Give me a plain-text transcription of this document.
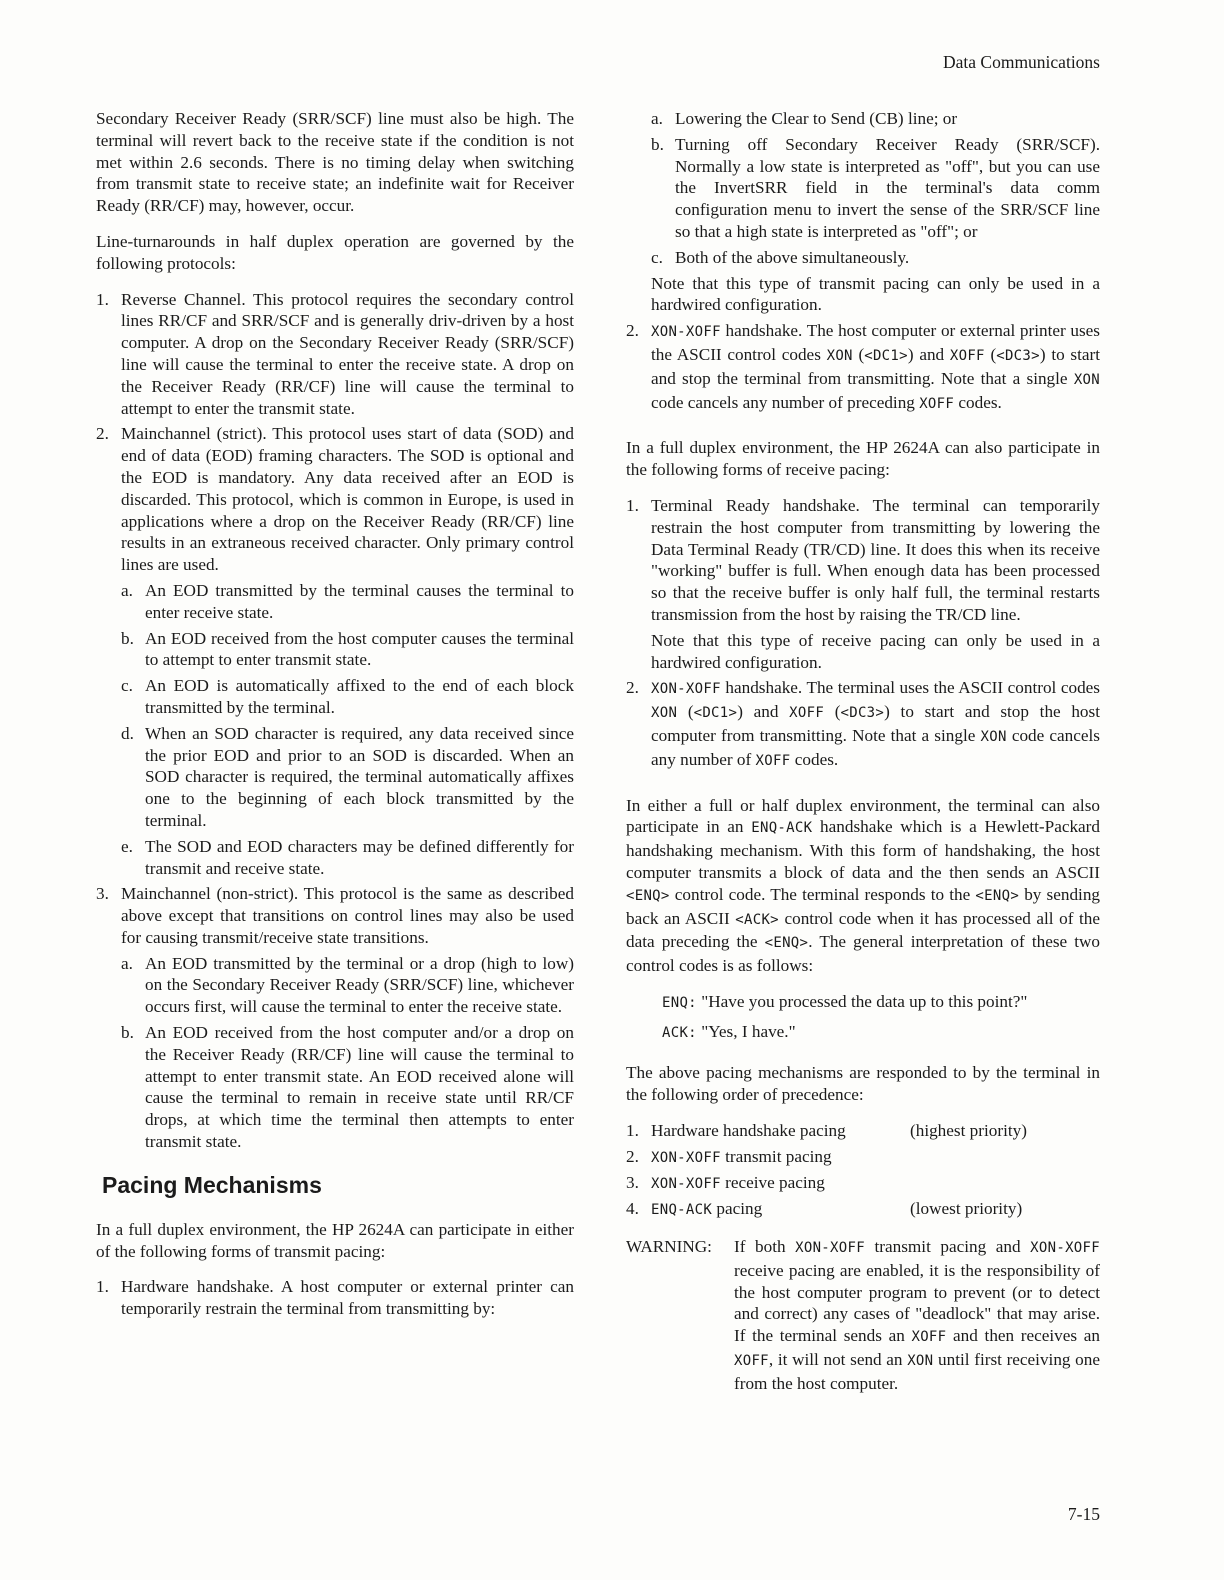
Data Communications

Secondary Receiver Ready (SRR/SCF) line must also be high. The terminal will revert back to the receive state if the condition is not met within 2.6 seconds. There is no timing delay when switching from transmit state to receive state; an indefinite wait for Receiver Ready (RR/CF) may, however, occur.

Line-turnarounds in half duplex operation are governed by the following protocols:

1. Reverse Channel. This protocol requires the secondary control lines RR/CF and SRR/SCF and is generally driv-driven by a host computer. A drop on the Secondary Receiver Ready (SRR/SCF) line will cause the terminal to enter the receive state. A drop on the Receiver Ready (RR/CF) line will cause the terminal to attempt to enter the transmit state.
2. Mainchannel (strict). This protocol uses start of data (SOD) and end of data (EOD) framing characters. The SOD is optional and the EOD is mandatory. Any data received after an EOD is discarded. This protocol, which is common in Europe, is used in applications where a drop on the Receiver Ready (RR/CF) line results in an extraneous received character. Only primary control lines are used.
a. An EOD transmitted by the terminal causes the terminal to enter receive state.
b. An EOD received from the host computer causes the terminal to attempt to enter transmit state.
c. An EOD is automatically affixed to the end of each block transmitted by the terminal.
d. When an SOD character is required, any data received since the prior EOD and prior to an SOD is discarded. When an SOD character is required, the terminal automatically affixes one to the beginning of each block transmitted by the terminal.
e. The SOD and EOD characters may be defined differently for transmit and receive state.
3. Mainchannel (non-strict). This protocol is the same as described above except that transitions on control lines may also be used for causing transmit/receive state transitions.
a. An EOD transmitted by the terminal or a drop (high to low) on the Secondary Receiver Ready (SRR/SCF) line, whichever occurs first, will cause the terminal to enter the receive state.
b. An EOD received from the host computer and/or a drop on the Receiver Ready (RR/CF) line will cause the terminal to attempt to enter transmit state. An EOD received alone will cause the terminal to remain in receive state until RR/CF drops, at which time the terminal then attempts to enter transmit state.
Pacing Mechanisms

In a full duplex environment, the HP 2624A can participate in either of the following forms of transmit pacing:

1. Hardware handshake. A host computer or external printer can temporarily restrain the terminal from transmitting by:
a. Lowering the Clear to Send (CB) line; or
b. Turning off Secondary Receiver Ready (SRR/SCF). Normally a low state is interpreted as "off", but you can use the InvertSRR field in the terminal's data comm configuration menu to invert the sense of the SRR/SCF line so that a high state is interpreted as "off"; or
c. Both of the above simultaneously.
Note that this type of transmit pacing can only be used in a hardwired configuration.
2. XON-XOFF handshake. The host computer or external printer uses the ASCII control codes XON (<DC1>) and XOFF (<DC3>) to start and stop the terminal from transmitting. Note that a single XON code cancels any number of preceding XOFF codes.

In a full duplex environment, the HP 2624A can also participate in the following forms of receive pacing:

1. Terminal Ready handshake. The terminal can temporarily restrain the host computer from transmitting by lowering the Data Terminal Ready (TR/CD) line. It does this when its receive "working" buffer is full. When enough data has been processed so that the receive buffer is only half full, the terminal restarts transmission from the host by raising the TR/CD line.
Note that this type of receive pacing can only be used in a hardwired configuration.
2. XON-XOFF handshake. The terminal uses the ASCII control codes XON (<DC1>) and XOFF (<DC3>) to start and stop the host computer from transmitting. Note that a single XON code cancels any number of XOFF codes.

In either a full or half duplex environment, the terminal can also participate in an ENQ-ACK handshake which is a Hewlett-Packard handshaking mechanism. With this form of handshaking, the host computer transmits a block of data and the then sends an ASCII <ENQ> control code. The terminal responds to the <ENQ> by sending back an ASCII <ACK> control code when it has processed all of the data preceding the <ENQ>. The general interpretation of these two control codes is as follows:

ENQ: "Have you processed the data up to this point?"
ACK: "Yes, I have."

The above pacing mechanisms are responded to by the terminal in the following order of precedence:

1. Hardware handshake pacing	(highest priority)
2. XON-XOFF transmit pacing
3. XON-XOFF receive pacing
4. ENQ-ACK pacing	(lowest priority)
WARNING: If both XON-XOFF transmit pacing and XON-XOFF receive pacing are enabled, it is the responsibility of the host computer program to prevent (or to detect and correct) any cases of "deadlock" that may arise. If the terminal sends an XOFF and then receives an XOFF, it will not send an XON until first receiving one from the host computer.
7-15
